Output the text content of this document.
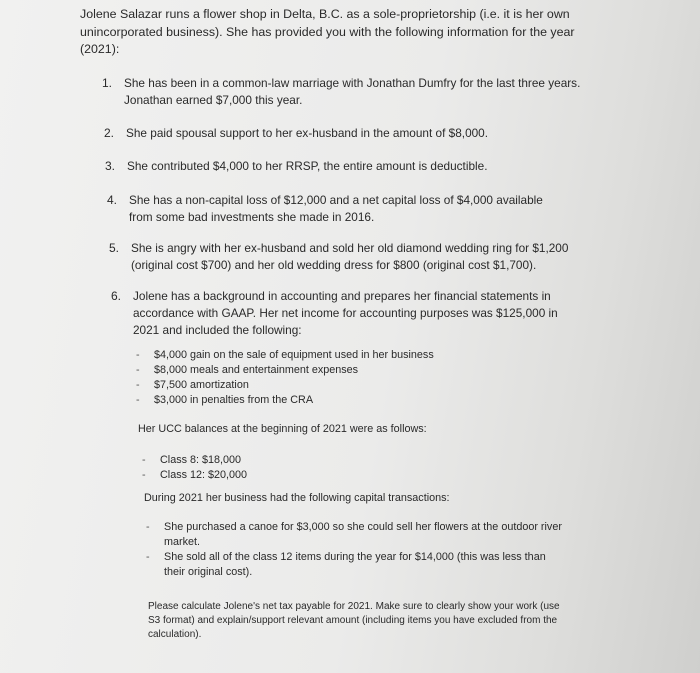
Jolene Salazar runs a flower shop in Delta, B.C. as a sole-proprietorship (i.e. it is her own unincorporated business). She has provided you with the following information for the year (2021):
1.	She has been in a common-law marriage with Jonathan Dumfry for the last three years. Jonathan earned $7,000 this year.
2.	She paid spousal support to her ex-husband in the amount of $8,000.
3.	She contributed $4,000 to her RRSP, the entire amount is deductible.
4.	She has a non-capital loss of $12,000 and a net capital loss of $4,000 available from some bad investments she made in 2016.
5.	She is angry with her ex-husband and sold her old diamond wedding ring for $1,200 (original cost $700) and her old wedding dress for $800 (original cost $1,700).
6.	Jolene has a background in accounting and prepares her financial statements in accordance with GAAP. Her net income for accounting purposes was $125,000 in 2021 and included the following:
- $4,000 gain on the sale of equipment used in her business
- $8,000 meals and entertainment expenses
- $7,500 amortization
- $3,000 in penalties from the CRA
Her UCC balances at the beginning of 2021 were as follows:
- Class 8: $18,000
- Class 12: $20,000
During 2021 her business had the following capital transactions:
- She purchased a canoe for $3,000 so she could sell her flowers at the outdoor river market.
- She sold all of the class 12 items during the year for $14,000 (this was less than their original cost).
Please calculate Jolene's net tax payable for 2021. Make sure to clearly show your work (use S3 format) and explain/support relevant amount (including items you have excluded from the calculation).
